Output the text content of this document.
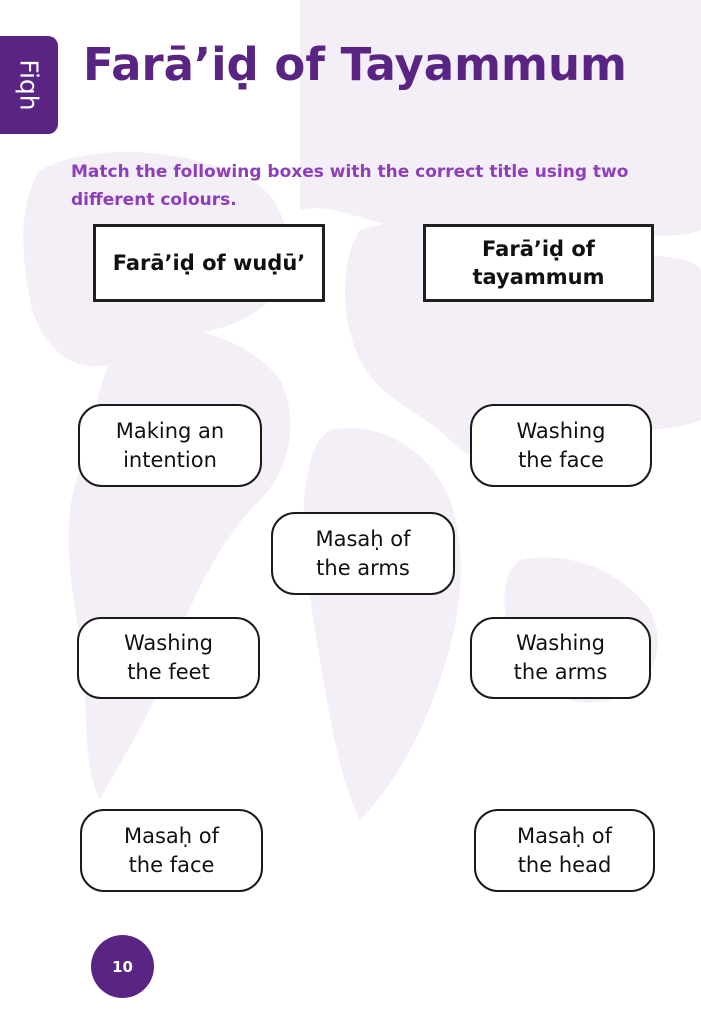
Fiqh Farā’iḍ of Tayammum

Match the following boxes with the correct title using two different colours.

Farā’iḍ of wuḍū’
Farā’iḍ of
tayammum
Making an
intention
Washing
the face
Masaḥ of
the arms
Washing
the feet
Washing
the arms
Masaḥ of
the face
Masaḥ of
the head
10
